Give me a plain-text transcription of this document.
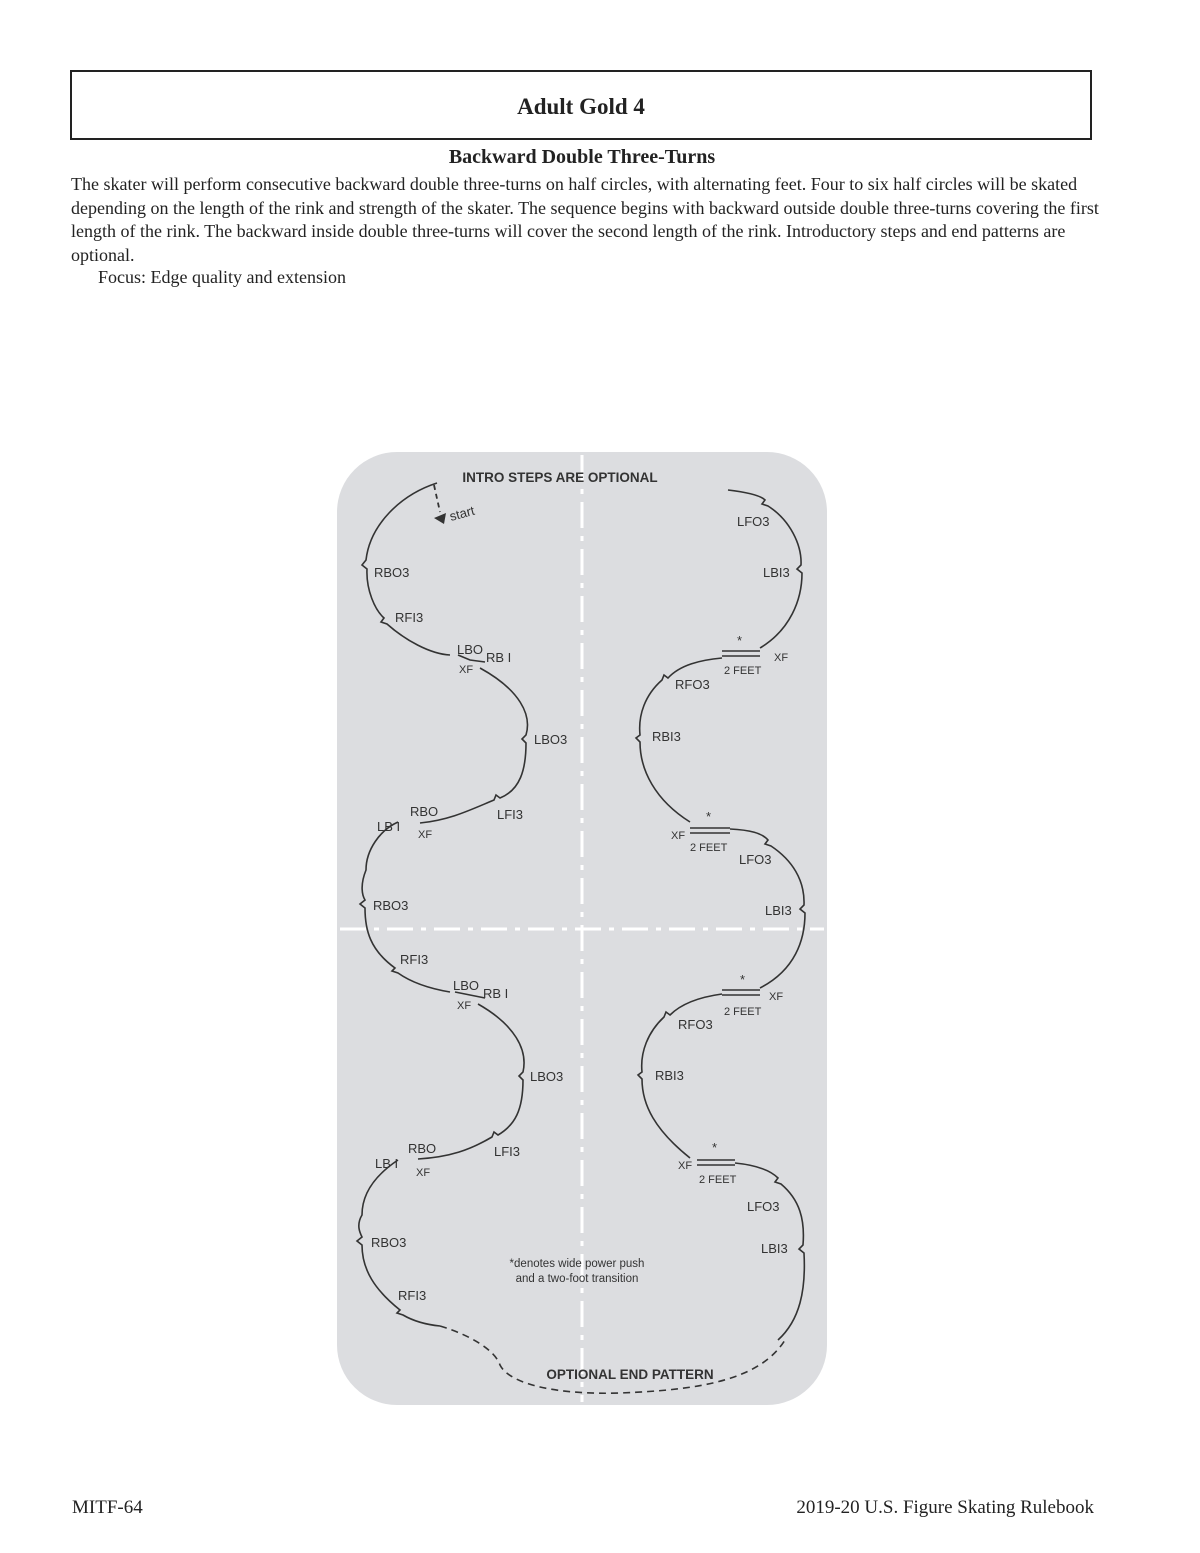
Adult Gold 4
Backward Double Three-Turns

The skater will perform consecutive backward double three-turns on half circles, with alternating feet. Four to six half circles will be skated depending on the length of the rink and strength of the skater. The sequence begins with backward outside double three-turns covering the first length of the rink. The backward inside double three-turns will cover the second length of the rink. Introductory steps and end patterns are optional.

Focus: Edge quality and extension

INTRO STEPS ARE OPTIONAL
OPTIONAL END PATTERN
start
RBO3
RFI3
LBO
RB I
XF
LBO3
RBO	LFI3
LB I
XF
RBO3
RFI3
LBO
RB I
XF
LBO3
RBO	LFI3
LB I
XF
RBO3
RFI3
LFO3
LBI3
*
XF
2 FEET
RFO3
RBI3
*
XF
2 FEET
LFO3
LBI3
*
XF
2 FEET
RFO3
RBI3
*
XF
2 FEET
LFO3
LBI3
*denotes wide power push
and a two-foot transition

MITF-64	2019-20 U.S. Figure Skating Rulebook
